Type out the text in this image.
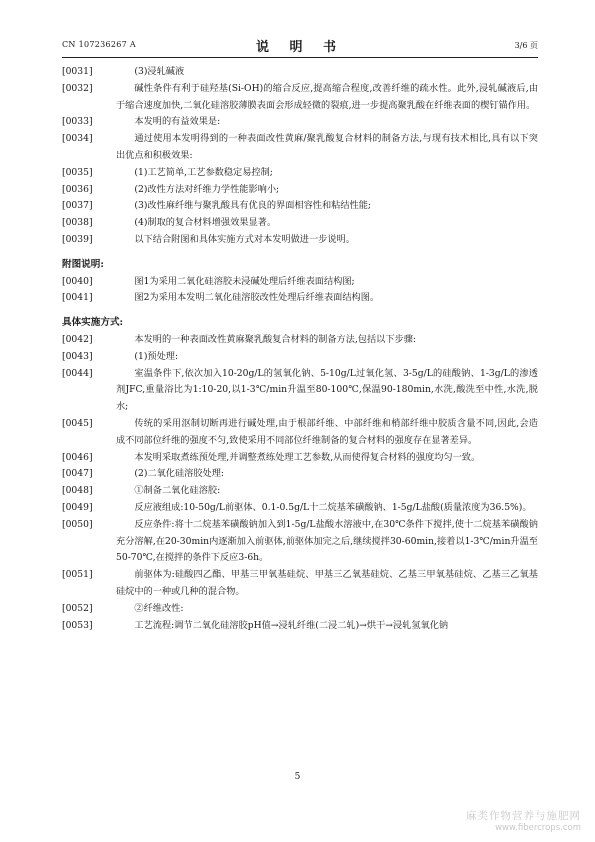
CN 107236267 A	说 明 书	3/6 页
[0031]	(3)浸轧碱液
[0032]	碱性条件有利于硅羟基(Si-OH)的缩合反应,提高缩合程度,改善纤维的疏水性。此外,浸轧碱液后,由于缩合速度加快,二氧化硅溶胶薄膜表面会形成轻微的裂痕,进一步提高聚乳酸在纤维表面的楔钉锚作用。
[0033]	本发明的有益效果是:
[0034]	通过使用本发明得到的一种表面改性黄麻/聚乳酸复合材料的制备方法,与现有技术相比,具有以下突出优点和积极效果:
[0035]	(1)工艺简单,工艺参数稳定易控制;
[0036]	(2)改性方法对纤维力学性能影响小;
[0037]	(3)改性麻纤维与聚乳酸具有优良的界面相容性和粘结性能;
[0038]	(4)制取的复合材料增强效果显著。
[0039]	以下结合附图和具体实施方式对本发明做进一步说明。
附图说明:
[0040]	图1为采用二氧化硅溶胶未浸碱处理后纤维表面结构图;
[0041]	图2为采用本发明二氧化硅溶胶改性处理后纤维表面结构图。
具体实施方式:
[0042]	本发明的一种表面改性黄麻聚乳酸复合材料的制备方法,包括以下步骤:
[0043]	(1)预处理:
[0044]	室温条件下,依次加入10-20g/L的氢氧化钠、5-10g/L过氧化氢、3-5g/L的硅酸钠、1-3g/L的渗透剂JFC,重量浴比为1:10-20,以1-3℃/min升温至80-100℃,保温90-180min,水洗,酸洗至中性,水洗,脱水;
[0045]	传统的采用沤制切断再进行碱处理,由于根部纤维、中部纤维和梢部纤维中胶质含量不同,因此,会造成不同部位纤维的强度不匀,致使采用不同部位纤维制备的复合材料的强度存在显著差异。
[0046]	本发明采取煮练预处理,并调整煮练处理工艺参数,从而使得复合材料的强度均匀一致。
[0047]	(2)二氧化硅溶胶处理:
[0048]	①制备二氧化硅溶胶:
[0049]	反应液组成:10-50g/L前驱体、0.1-0.5g/L十二烷基苯磺酸钠、1-5g/L盐酸(质量浓度为36.5%)。
[0050]	反应条件:将十二烷基苯磺酸钠加入到1-5g/L盐酸水溶液中,在30℃条件下搅拌,使十二烷基苯磺酸钠充分溶解,在20-30min内逐渐加入前驱体,前驱体加完之后,继续搅拌30-60min,接着以1-3℃/min升温至50-70℃,在搅拌的条件下反应3-6h。
[0051]	前驱体为:硅酸四乙酯、甲基三甲氧基硅烷、甲基三乙氧基硅烷、乙基三甲氧基硅烷、乙基三乙氧基硅烷中的一种或几种的混合物。
[0052]	②纤维改性:
[0053]	工艺流程:调节二氧化硅溶胶pH值→浸轧纤维(二浸二轧)→烘干→浸轧氢氧化钠
5
麻类作物营养与施肥网
www.fibercrops.com
